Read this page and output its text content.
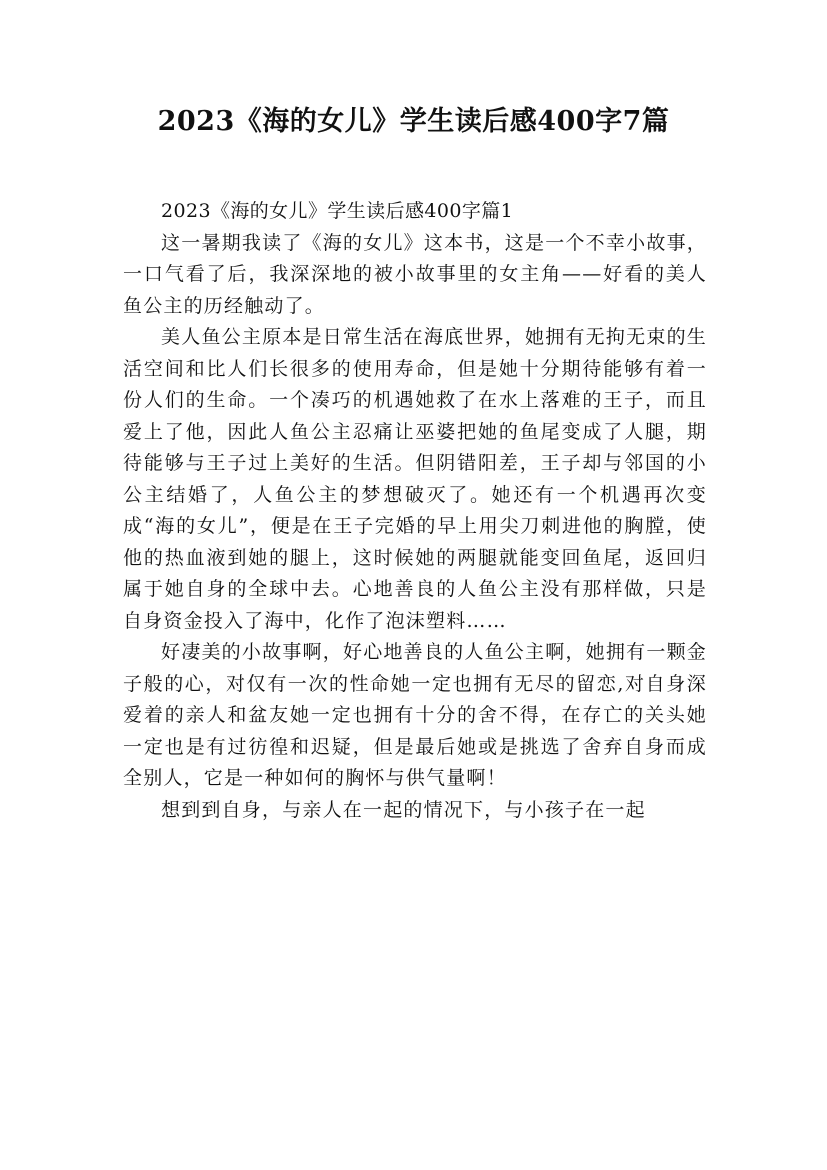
2023《海的女儿》学生读后感400字7篇

2023《海的女儿》学生读后感400字篇1

这一暑期我读了《海的女儿》这本书，这是一个不幸小故事，一口气看了后，我深深地的被小故事里的女主角——好看的美人鱼公主的历经触动了。

美人鱼公主原本是日常生活在海底世界，她拥有无拘无束的生活空间和比人们长很多的使用寿命，但是她十分期待能够有着一份人们的生命。一个凑巧的机遇她救了在水上落难的王子，而且爱上了他，因此人鱼公主忍痛让巫婆把她的鱼尾变成了人腿，期待能够与王子过上美好的生活。但阴错阳差，王子却与邻国的小公主结婚了，人鱼公主的梦想破灭了。她还有一个机遇再次变成“海的女儿”，便是在王子完婚的早上用尖刀刺进他的胸膛，使他的热血液到她的腿上，这时候她的两腿就能变回鱼尾，返回归属于她自身的全球中去。心地善良的人鱼公主没有那样做，只是自身资金投入了海中，化作了泡沫塑料……

好凄美的小故事啊，好心地善良的人鱼公主啊，她拥有一颗金子般的心，对仅有一次的性命她一定也拥有无尽的留恋,对自身深爱着的亲人和盆友她一定也拥有十分的舍不得，在存亡的关头她一定也是有过彷徨和迟疑，但是最后她或是挑选了舍弃自身而成全别人，它是一种如何的胸怀与供气量啊！

想到到自身，与亲人在一起的情况下，与小孩子在一起
